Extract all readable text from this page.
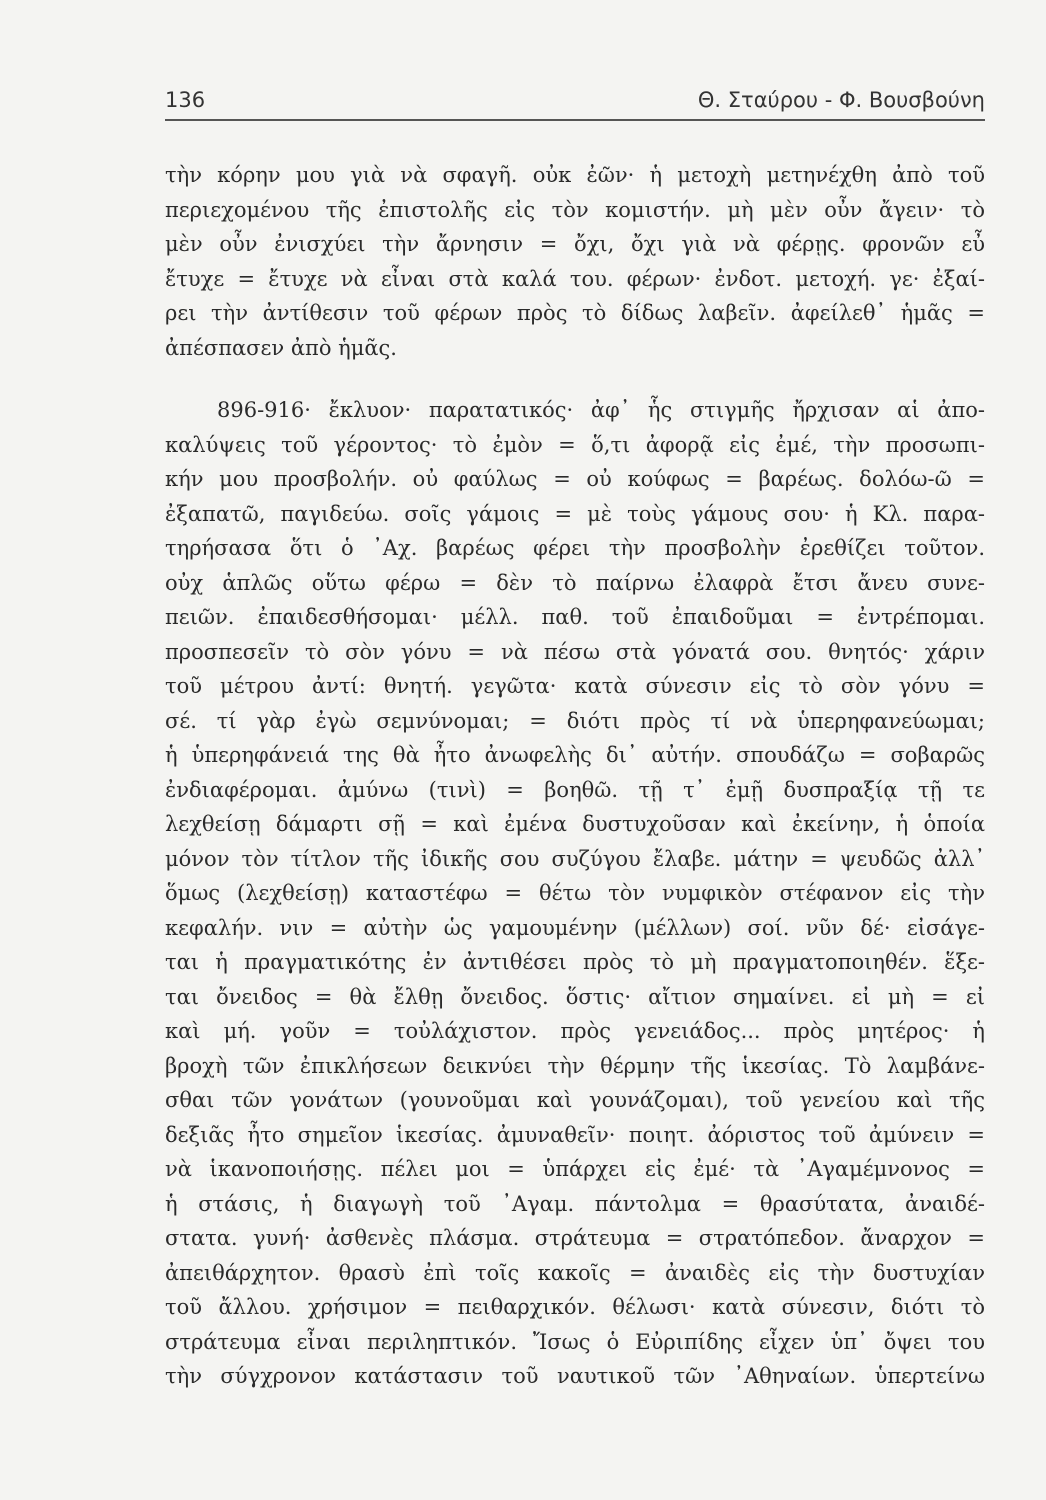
136	Θ. Σταύρου - Φ. Βουσβούνη
τὴν κόρην μου γιὰ νὰ σφαγῆ. οὐκ ἐῶν· ἡ μετοχὴ μετηνέχθη ἀπὸ τοῦ
περιεχομένου τῆς ἐπιστολῆς εἰς τὸν κομιστήν. μὴ μὲν οὖν ἄγειν· τὸ
μὲν οὖν ἐνισχύει τὴν ἄρνησιν = ὄχι, ὄχι γιὰ νὰ φέρῃς. φρονῶν εὖ
ἔτυχε = ἔτυχε νὰ εἶναι στὰ καλά του. φέρων· ἐνδοτ. μετοχή. γε· ἐξαί-
ρει τὴν ἀντίθεσιν τοῦ φέρων πρὸς τὸ δίδως λαβεῖν. ἀφείλεθ᾽ ἡμᾶς =
ἀπέσπασεν ἀπὸ ἡμᾶς.
896-916· ἔκλυον· παρατατικός· ἀφ᾽ ἧς στιγμῆς ἤρχισαν αἱ ἀπο-
καλύψεις τοῦ γέροντος· τὸ ἐμὸν = ὅ,τι ἀφορᾷ εἰς ἐμέ, τὴν προσωπι-
κήν μου προσβολήν. οὐ φαύλως = οὐ κούφως = βαρέως. δολόω-ῶ =
ἐξαπατῶ, παγιδεύω. σοῖς γάμοις = μὲ τοὺς γάμους σου· ἡ Κλ. παρα-
τηρήσασα ὅτι ὁ ᾽Αχ. βαρέως φέρει τὴν προσβολὴν ἐρεθίζει τοῦτον.
οὐχ ἁπλῶς οὕτω φέρω = δὲν τὸ παίρνω ἐλαφρὰ ἔτσι ἄνευ συνε-
πειῶν. ἐπαιδεσθήσομαι· μέλλ. παθ. τοῦ ἐπαιδοῦμαι = ἐντρέπομαι.
προσπεσεῖν τὸ σὸν γόνυ = νὰ πέσω στὰ γόνατά σου. θνητός· χάριν
τοῦ μέτρου ἀντί: θνητή. γεγῶτα· κατὰ σύνεσιν εἰς τὸ σὸν γόνυ =
σέ. τί γὰρ ἐγὼ σεμνύνομαι; = διότι πρὸς τί νὰ ὑπερηφανεύωμαι;
ἡ ὑπερηφάνειά της θὰ ἦτο ἀνωφελὴς δι᾽ αὐτήν. σπουδάζω = σοβαρῶς
ἐνδιαφέρομαι. ἀμύνω (τινὶ) = βοηθῶ. τῇ τ᾽ ἐμῇ δυσπραξίᾳ τῇ τε
λεχθείσῃ δάμαρτι σῇ = καὶ ἐμένα δυστυχοῦσαν καὶ ἐκείνην, ἡ ὁποία
μόνον τὸν τίτλον τῆς ἰδικῆς σου συζύγου ἔλαβε. μάτην = ψευδῶς ἀλλ᾽
ὅμως (λεχθείσῃ) καταστέφω = θέτω τὸν νυμφικὸν στέφανον εἰς τὴν
κεφαλήν. νιν = αὐτὴν ὡς γαμουμένην (μέλλων) σοί. νῦν δέ· εἰσάγε-
ται ἡ πραγματικότης ἐν ἀντιθέσει πρὸς τὸ μὴ πραγματοποιηθέν. ἕξε-
ται ὄνειδος = θὰ ἔλθῃ ὄνειδος. ὅστις· αἴτιον σημαίνει. εἰ μὴ = εἰ
καὶ μή. γοῦν = τοὐλάχιστον. πρὸς γενειάδος... πρὸς μητέρος· ἡ
βροχὴ τῶν ἐπικλήσεων δεικνύει τὴν θέρμην τῆς ἱκεσίας. Τὸ λαμβάνε-
σθαι τῶν γονάτων (γουνοῦμαι καὶ γουνάζομαι), τοῦ γενείου καὶ τῆς
δεξιᾶς ἦτο σημεῖον ἱκεσίας. ἀμυναθεῖν· ποιητ. ἀόριστος τοῦ ἀμύνειν =
νὰ ἱκανοποιήσῃς. πέλει μοι = ὑπάρχει εἰς ἐμέ· τὰ ᾽Αγαμέμνονος =
ἡ στάσις, ἡ διαγωγὴ τοῦ ᾽Αγαμ. πάντολμα = θρασύτατα, ἀναιδέ-
στατα. γυνή· ἀσθενὲς πλάσμα. στράτευμα = στρατόπεδον. ἄναρχον =
ἀπειθάρχητον. θρασὺ ἐπὶ τοῖς κακοῖς = ἀναιδὲς εἰς τὴν δυστυχίαν
τοῦ ἄλλου. χρήσιμον = πειθαρχικόν. θέλωσι· κατὰ σύνεσιν, διότι τὸ
στράτευμα εἶναι περιληπτικόν. Ἴσως ὁ Εὐριπίδης εἶχεν ὑπ᾽ ὄψει του
τὴν σύγχρονον κατάστασιν τοῦ ναυτικοῦ τῶν ᾽Αθηναίων. ὑπερτείνω
